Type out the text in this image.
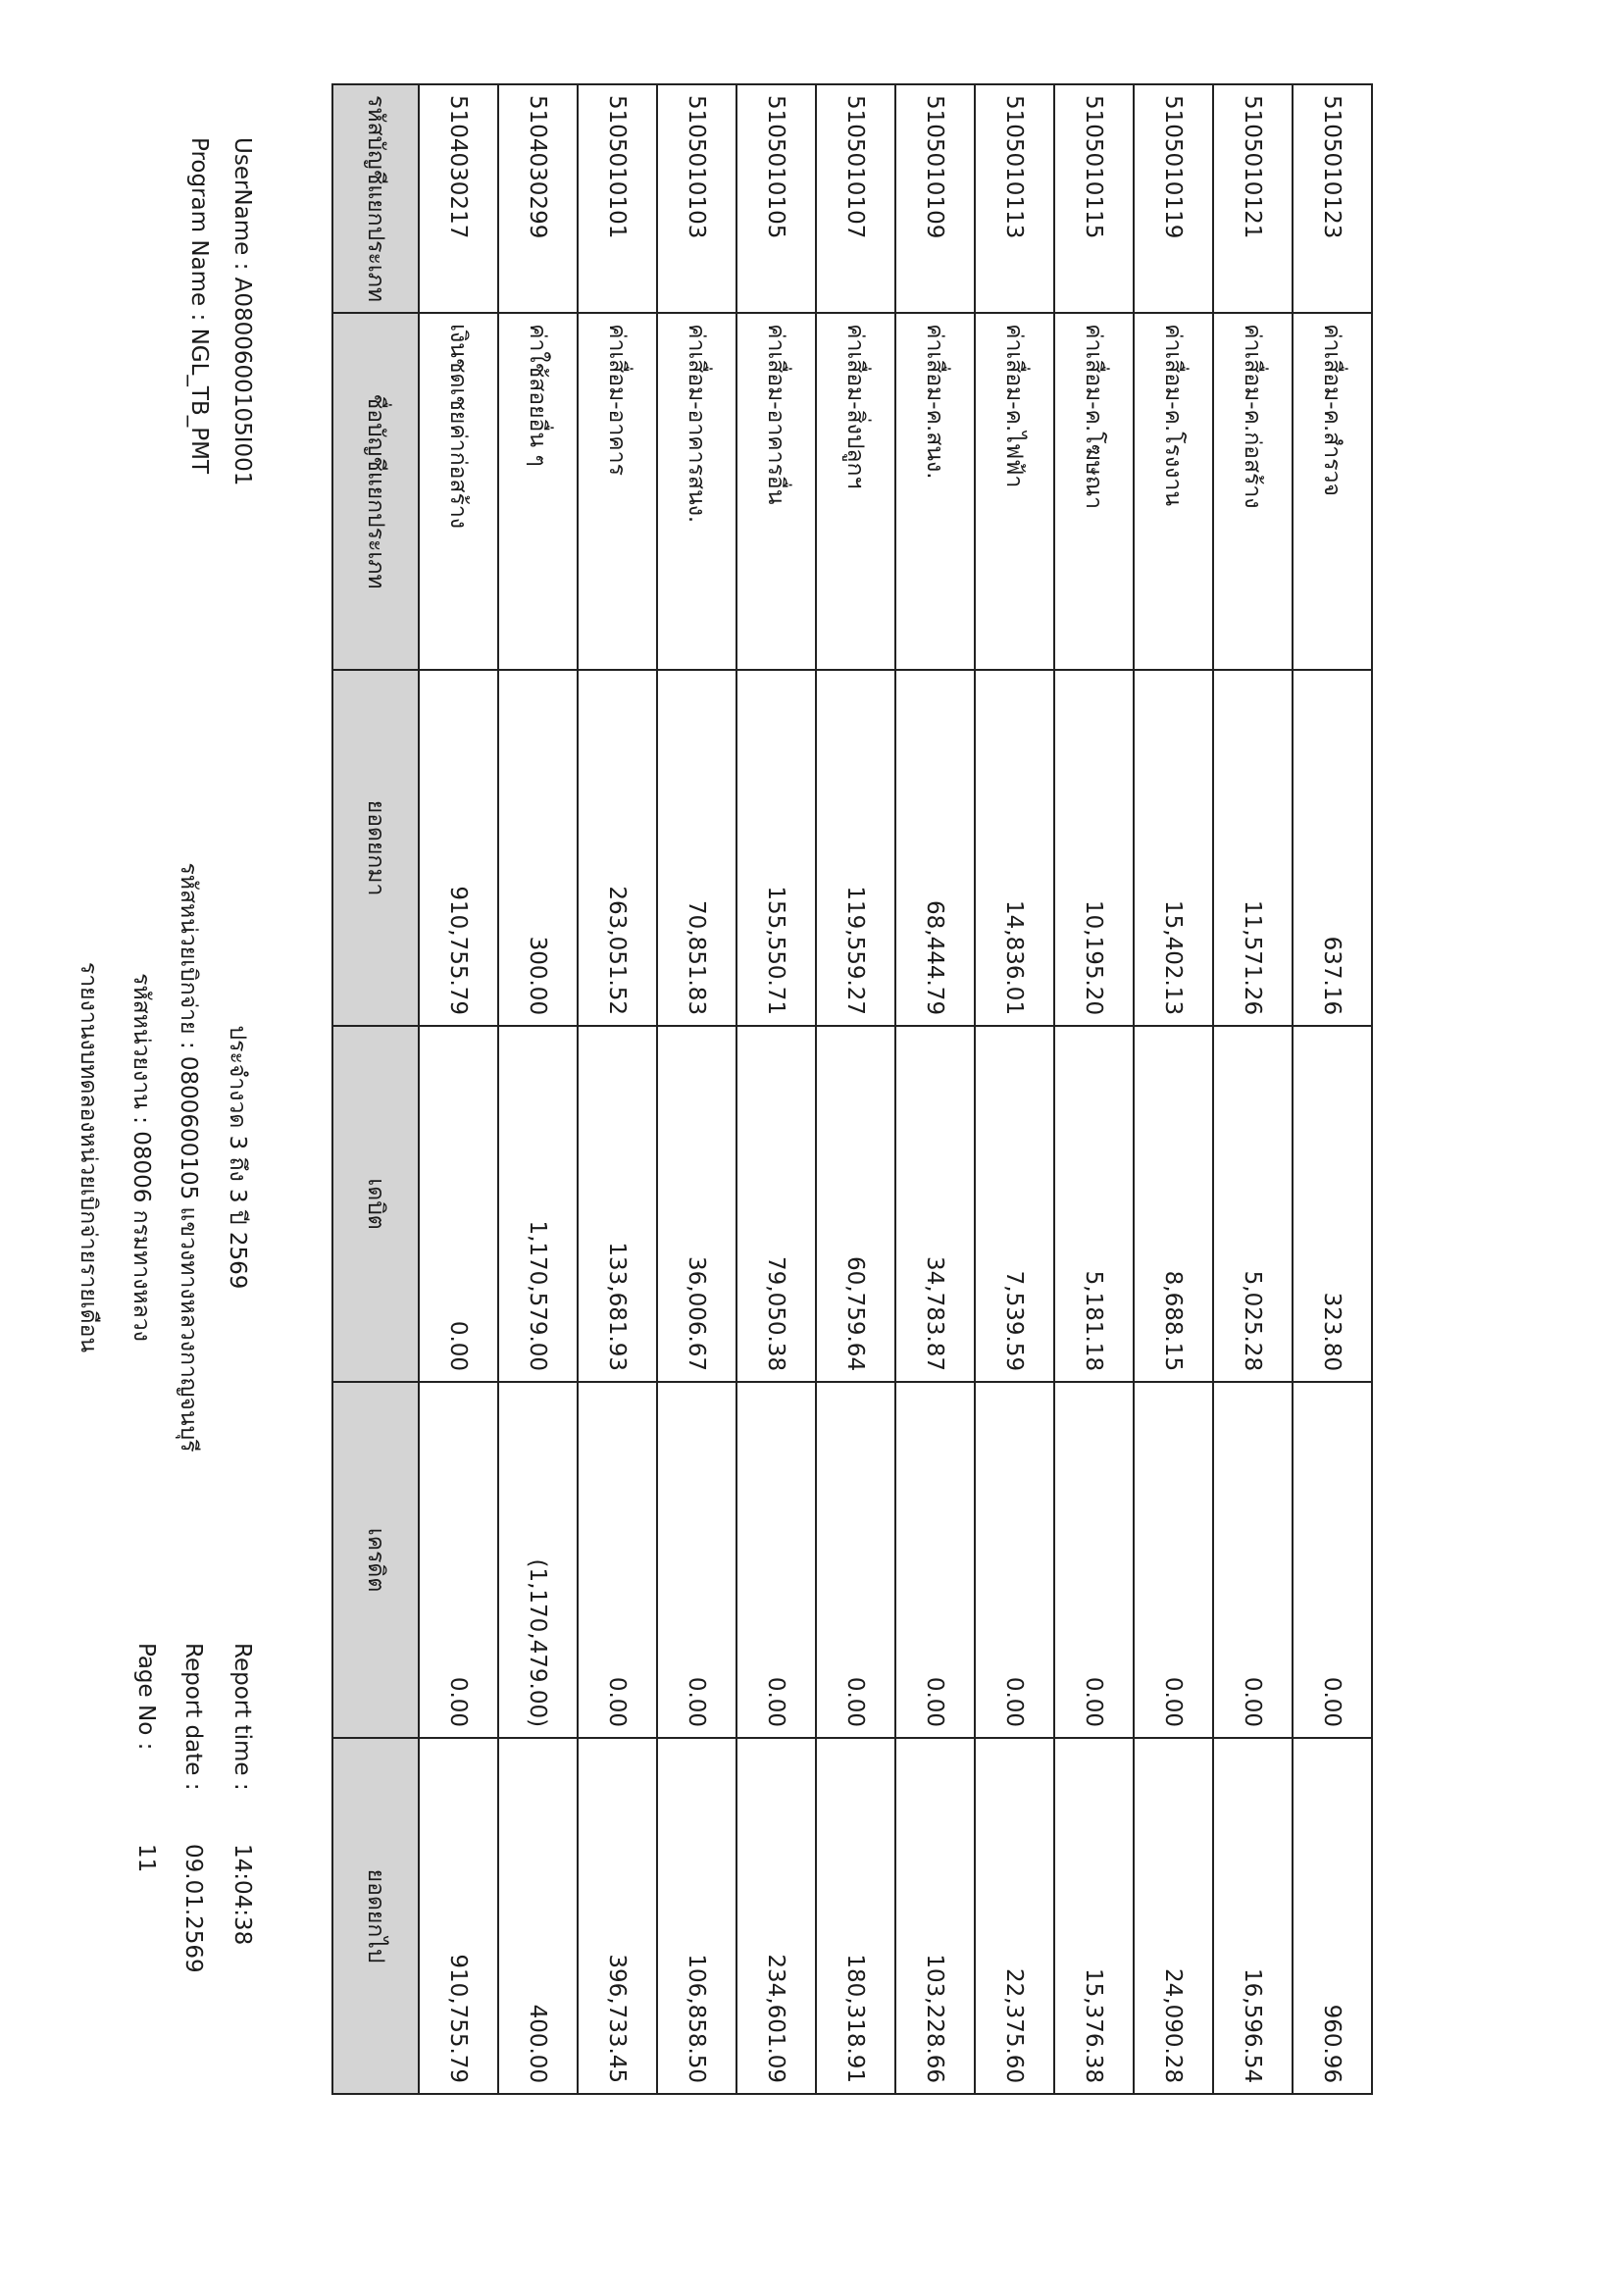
Program Name : NGL_TB_PMT UserName : A0800600105I001
รายงานงบทดลองหน่วยเบิกจ่ายรายเดือน รหัสหน่วยงาน : 08006 กรมทางหลวง รหัสหน่วยเบิกจ่าย : 0800600105 แขวงทางหลวงกาญจนบุรี ประจำงวด 3 ถึง 3 ปี 2569
Page No :
11
Report date :
09.01.2569
Report time :
14:04:38
รหัสบัญชีแยกประเภท	ชื่อบัญชีแยกประเภท	ยอดยกมา	เดบิต	เครดิต	ยอดยกไป
5104030217	เงินชดเชยค่าก่อสร้าง	910,755.79	0.00	0.00	910,755.79
5104030299	ค่าใช้สอยอื่น ๆ	300.00	1,170,579.00	(1,170,479.00)	400.00
5105010101	ค่าเสื่อม-อาคาร	263,051.52	133,681.93	0.00	396,733.45
5105010103	ค่าเสื่อม-อาคารสนง.	70,851.83	36,006.67	0.00	106,858.50
5105010105	ค่าเสื่อม-อาคารอื่น	155,550.71	79,050.38	0.00	234,601.09
5105010107	ค่าเสื่อม-สิ่งปลูกฯ	119,559.27	60,759.64	0.00	180,318.91
5105010109	ค่าเสื่อม-ค.สนง.	68,444.79	34,783.87	0.00	103,228.66
5105010113	ค่าเสื่อม-ค.ไฟฟ้า	14,836.01	7,539.59	0.00	22,375.60
5105010115	ค่าเสื่อม-ค.โฆษณา	10,195.20	5,181.18	0.00	15,376.38
5105010119	ค่าเสื่อม-ค.โรงงาน	15,402.13	8,688.15	0.00	24,090.28
5105010121	ค่าเสื่อม-ค.ก่อสร้าง	11,571.26	5,025.28	0.00	16,596.54
5105010123	ค่าเสื่อม-ค.สำรวจ	637.16	323.80	0.00	960.96
